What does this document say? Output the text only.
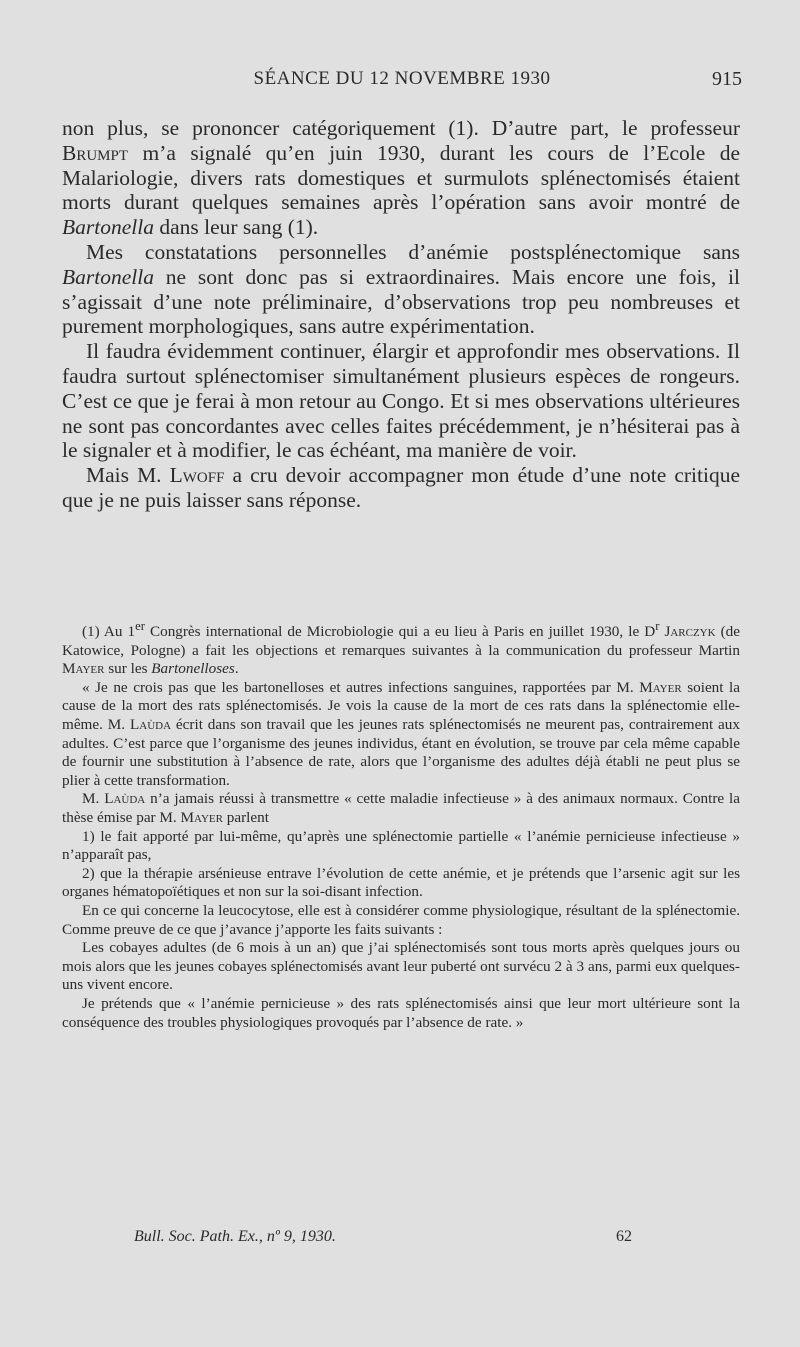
SÉANCE DU 12 NOVEMBRE 1930	915

non plus, se prononcer catégoriquement (1). D’autre part, le professeur Brumpt m’a signalé qu’en juin 1930, durant les cours de l’Ecole de Malariologie, divers rats domestiques et surmulots splénectomisés étaient morts durant quelques semaines après l’opération sans avoir montré de Bartonella dans leur sang (1).

Mes constatations personnelles d’anémie postsplénectomique sans Bartonella ne sont donc pas si extraordinaires. Mais encore une fois, il s’agissait d’une note préliminaire, d’observations trop peu nombreuses et purement morphologiques, sans autre expérimentation.

Il faudra évidemment continuer, élargir et approfondir mes observations. Il faudra surtout splénectomiser simultanément plusieurs espèces de rongeurs. C’est ce que je ferai à mon retour au Congo. Et si mes observations ultérieures ne sont pas concordantes avec celles faites précédemment, je n’hésiterai pas à le signaler et à modifier, le cas échéant, ma manière de voir.

Mais M. Lwoff a cru devoir accompagner mon étude d’une note critique que je ne puis laisser sans réponse.

(1) Au 1er Congrès international de Microbiologie qui a eu lieu à Paris en juillet 1930, le $D^r$ Jarczyk (de Katowice, Pologne) a fait les objections et remarques suivantes à la communication du professeur Martin Mayer sur les Bartonelloses.

« Je ne crois pas que les bartonelloses et autres infections sanguines, rapportées par M. Mayer soient la cause de la mort des rats splénectomisés. Je vois la cause de la mort de ces rats dans la splénectomie elle-même. M. Laùda écrit dans son travail que les jeunes rats splénectomisés ne meurent pas, contrairement aux adultes. C’est parce que l’organisme des jeunes individus, étant en évolution, se trouve par cela même capable de fournir une substitution à l’absence de rate, alors que l’organisme des adultes déjà établi ne peut plus se plier à cette transformation.

M. Laùda n’a jamais réussi à transmettre « cette maladie infectieuse » à des animaux normaux. Contre la thèse émise par M. Mayer parlent

1) le fait apporté par lui-même, qu’après une splénectomie partielle « l’anémie pernicieuse infectieuse » n’apparaît pas,

2) que la thérapie arsénieuse entrave l’évolution de cette anémie, et je prétends que l’arsenic agit sur les organes hématopoïétiques et non sur la soi-disant infection.

En ce qui concerne la leucocytose, elle est à considérer comme physiologique, résultant de la splénectomie. Comme preuve de ce que j’avance j’apporte les faits suivants :

Les cobayes adultes (de 6 mois à un an) que j’ai splénectomisés sont tous morts après quelques jours ou mois alors que les jeunes cobayes splénectomisés avant leur puberté ont survécu 2 à 3 ans, parmi eux quelques-uns vivent encore.

Je prétends que « l’anémie pernicieuse » des rats splénectomisés ainsi que leur mort ultérieure sont la conséquence des troubles physiologiques provoqués par l’absence de rate. »

Bull. Soc. Path. Ex., nº 9, 1930.	62
